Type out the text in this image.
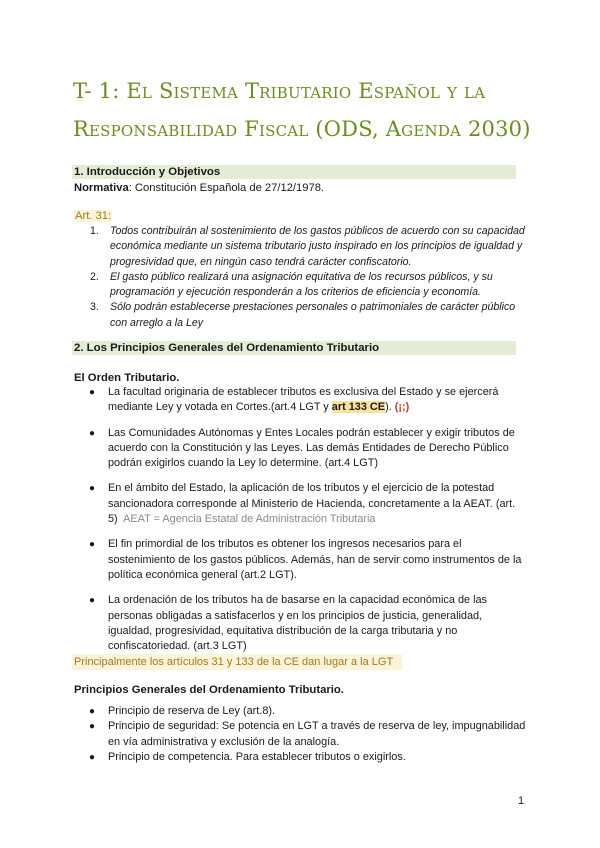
T- 1: El Sistema Tributario Español y la Responsabilidad Fiscal (ODS, Agenda 2030)
1. Introducción y Objetivos
Normativa: Constitución Española de 27/12/1978.
Art. 31:
1. Todos contribuirán al sostenimiento de los gastos públicos de acuerdo con su capacidad económica mediante un sistema tributario justo inspirado en los principios de igualdad y progresividad que, en ningún caso tendrá carácter confiscatorio.
2. El gasto público realizará una asignación equitativa de los recursos públicos, y su programación y ejecución responderán a los criterios de eficiencia y economía.
3. Sólo podrán establecerse prestaciones personales o patrimoniales de carácter público con arreglo a la Ley
2. Los Principios Generales del Ordenamiento Tributario
El Orden Tributario.
● La facultad originaria de establecer tributos es exclusiva del Estado y se ejercerá mediante Ley y votada en Cortes.(art.4 LGT y art 133 CE). (¡;)
● Las Comunidades Autónomas y Entes Locales podrán establecer y exigir tributos de acuerdo con la Constitución y las Leyes. Las demás Entidades de Derecho Público podrán exigirlos cuando la Ley lo determine. (art.4 LGT)
● En el ámbito del Estado, la aplicación de los tributos y el ejercicio de la potestad sancionadora corresponde al Ministerio de Hacienda, concretamente a la AEAT. (art. 5) AEAT = Agencia Estatal de Administración Tributaria
● El fin primordial de los tributos es obtener los ingresos necesarios para el sostenimiento de los gastos públicos. Además, han de servir como instrumentos de la política económica general (art.2 LGT).
● La ordenación de los tributos ha de basarse en la capacidad económica de las personas obligadas a satisfacerlos y en los principios de justicia, generalidad, igualdad, progresividad, equitativa distribución de la carga tributaria y no confiscatoriedad. (art.3 LGT)
Principalmente los artículos 31 y 133 de la CE dan lugar a la LGT
Principios Generales del Ordenamiento Tributario.
● Principio de reserva de Ley (art.8).
● Principio de seguridad: Se potencia en LGT a través de reserva de ley, impugnabilidad en vía administrativa y exclusión de la analogía.
● Principio de competencia. Para establecer tributos o exigirlos.
1
